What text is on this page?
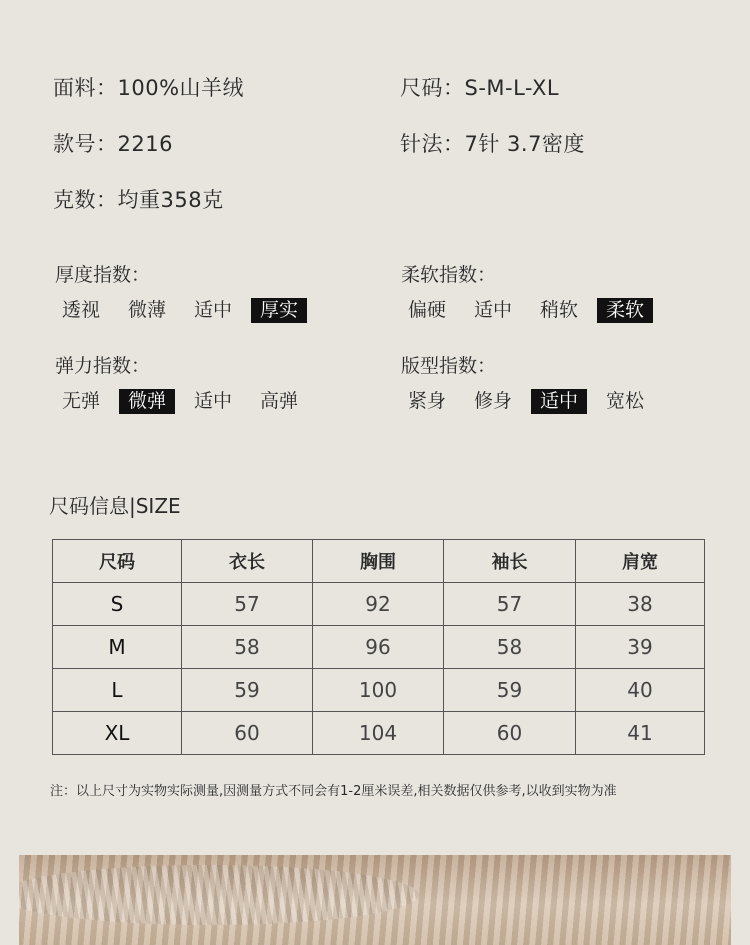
面料：100%山羊绒	尺码：S-M-L-XL
款号：2216	针法：7针 3.7密度
克数：均重358克
厚度指数：
透视	微薄	适中	厚实
柔软指数：
偏硬	适中	稍软	柔软
弹力指数：
无弹	微弹	适中	高弹
版型指数：
紧身	修身	适中	宽松
尺码信息|SIZE
尺码	衣长	胸围	袖长	肩宽
S	57	92	57	38
M	58	96	58	39
L	59	100	59	40
XL	60	104	60	41
注：以上尺寸为实物实际测量,因测量方式不同会有1-2厘米误差,相关数据仅供参考,以收到实物为准
